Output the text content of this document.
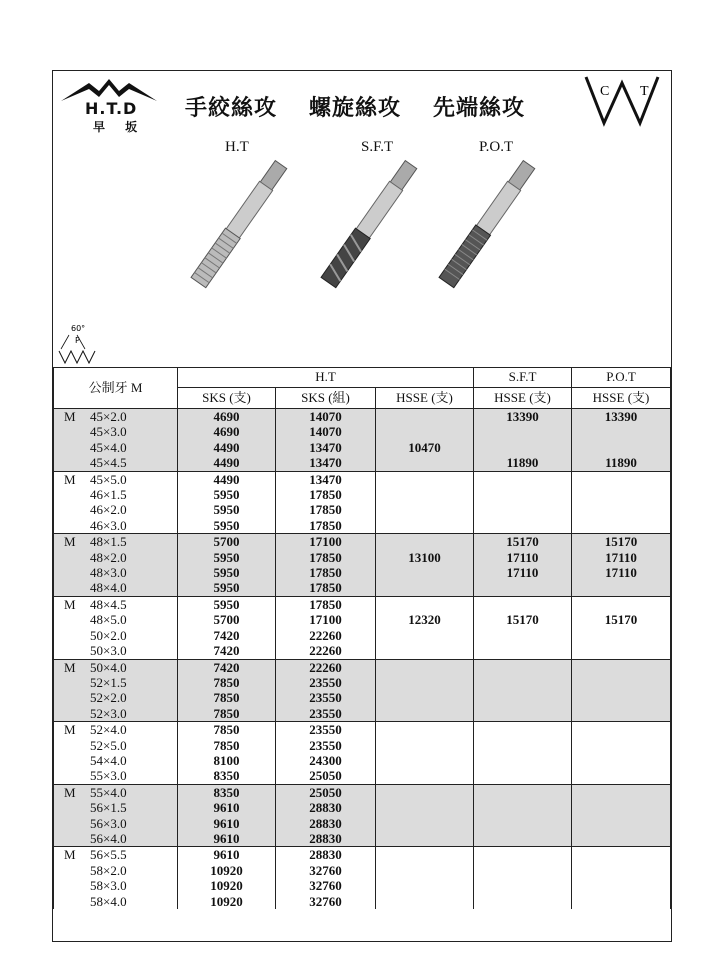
H.T.D
早 坂
手絞絲攻 螺旋絲攻 先端絲攻
C T
H.T	S.F.T	P.O.T
60°
P
公制牙 M	H.T			S.F.T	P.O.T
	SKS (支)	SKS (組)	HSSE (支)	HSSE (支)	HSSE (支)
M 45×2.0	4690	14070		13390	13390
45×3.0	4690	14070			
45×4.0	4490	13470	10470		
45×4.5	4490	13470		11890	11890
M 45×5.0	4490	13470			
46×1.5	5950	17850			
46×2.0	5950	17850			
46×3.0	5950	17850			
M 48×1.5	5700	17100		15170	15170
48×2.0	5950	17850	13100	17110	17110
48×3.0	5950	17850		17110	17110
48×4.0	5950	17850			
M 48×4.5	5950	17850			
48×5.0	5700	17100	12320	15170	15170
50×2.0	7420	22260			
50×3.0	7420	22260			
M 50×4.0	7420	22260			
52×1.5	7850	23550			
52×2.0	7850	23550			
52×3.0	7850	23550			
M 52×4.0	7850	23550			
52×5.0	7850	23550			
54×4.0	8100	24300			
55×3.0	8350	25050			
M 55×4.0	8350	25050			
56×1.5	9610	28830			
56×3.0	9610	28830			
56×4.0	9610	28830			
M 56×5.5	9610	28830			
58×2.0	10920	32760			
58×3.0	10920	32760			
58×4.0	10920	32760			
